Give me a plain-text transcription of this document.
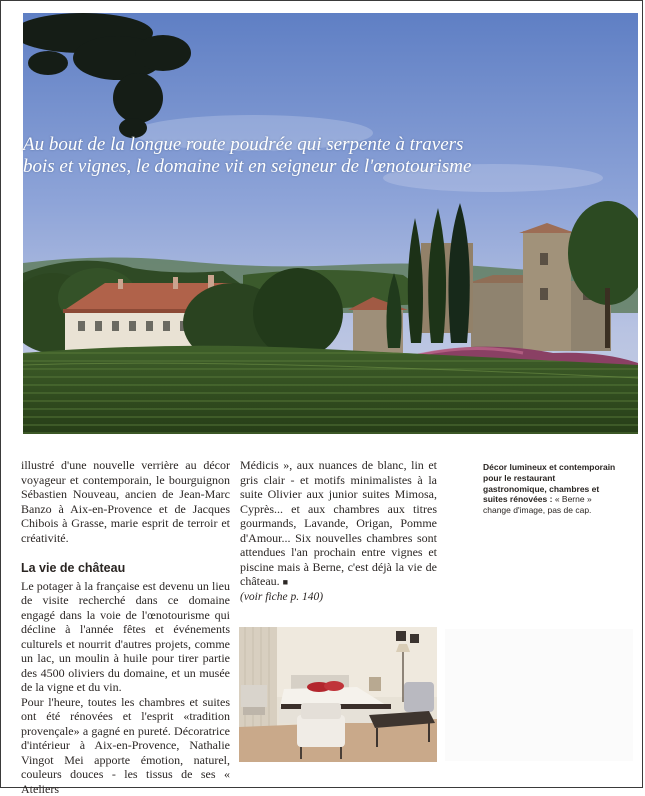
Au bout de la longue route poudrée qui serpente à travers
bois et vignes, le domaine vit en seigneur de l'œnotourisme

illustré d'une nouvelle verrière au décor voyageur et contemporain, le bourguignon Sébastien Nouveau, ancien de Jean-Marc Banzo à Aix-en-Provence et de Jacques Chibois à Grasse, marie esprit de terroir et créativité.

La vie de château

Le potager à la française est devenu un lieu de visite recherché dans ce domaine engagé dans la voie de l'œnotourisme qui décline à l'année fêtes et événements culturels et nourrit d'autres projets, comme un lac, un moulin à huile pour tirer partie des 4500 oliviers du domaine, et un musée de la vigne et du vin.

Pour l'heure, toutes les chambres et suites ont été rénovées et l'esprit «tradition provençale» a gagné en pureté. Décoratrice d'intérieur à Aix-en-Provence, Nathalie Vingot Mei apporte émotion, naturel, couleurs douces - les tissus de ses « Ateliers

Médicis », aux nuances de blanc, lin et gris clair - et motifs minimalistes à la suite Olivier aux junior suites Mimosa, Cyprès... et aux chambres aux titres gourmands, Lavande, Origan, Pomme d'Amour... Six nouvelles chambres sont attendues l'an prochain entre vignes et piscine mais à Berne, c'est déjà la vie de château. ■

(voir fiche p. 140)

Décor lumineux et contemporain pour le restaurant gastronomique, chambres et suites rénovées : « Berne » change d'image, pas de cap.
